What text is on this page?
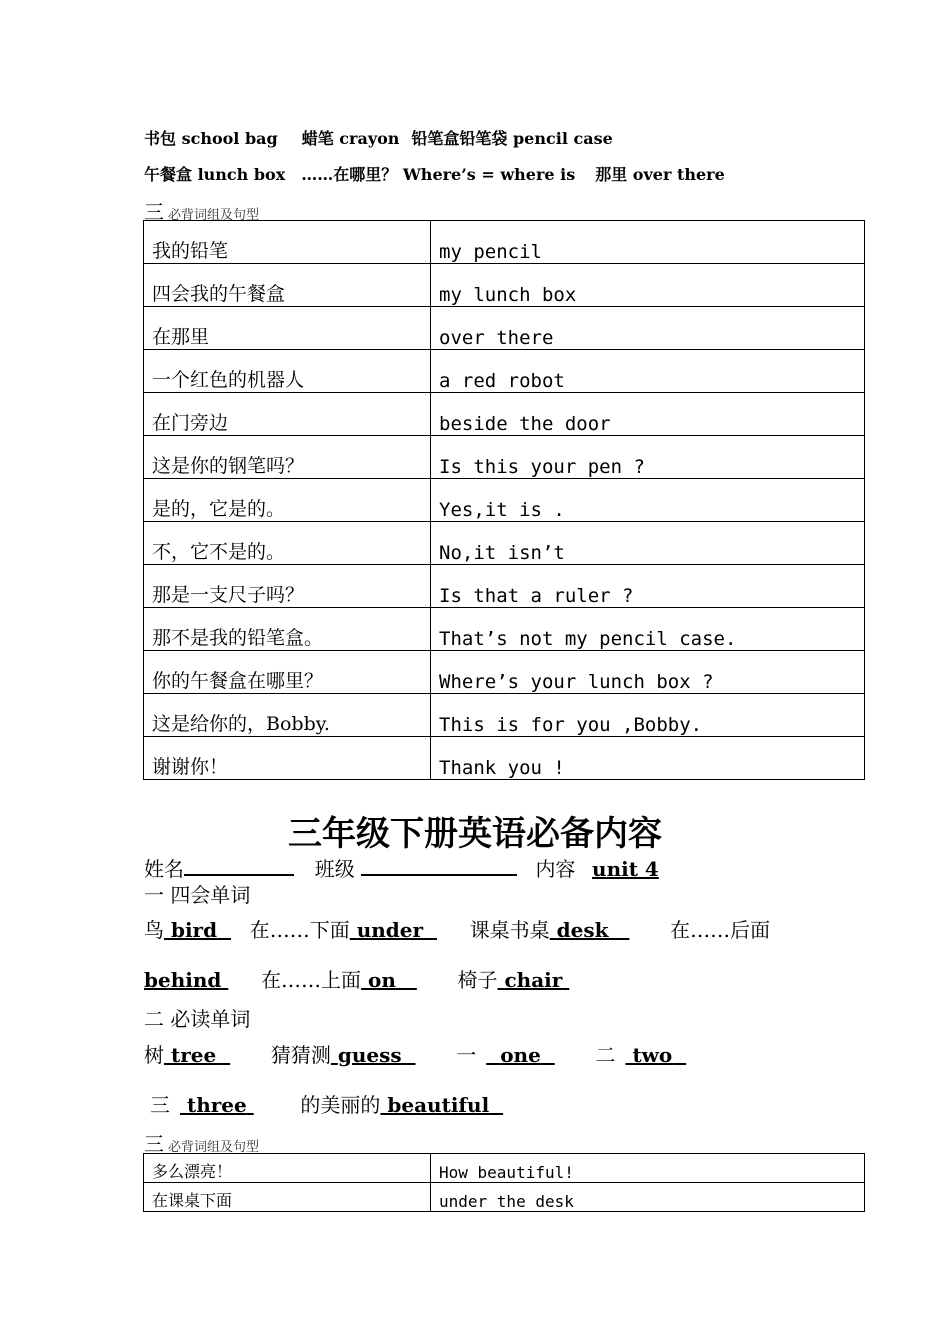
书包 school bag 蜡笔 crayon 铅笔盒铅笔袋 pencil case
午餐盒 lunch box ……在哪里？ Where’s = where is 那里 over there
三必背词组及句型
我的铅笔	my pencil
四会我的午餐盒	my lunch box
在那里	over there
一个红色的机器人	a red robot
在门旁边	beside the door
这是你的钢笔吗？	Is this your pen ?
是的，它是的。	Yes,it is .
不，它不是的。	No,it isn’t
那是一支尺子吗？	Is that a ruler ?
那不是我的铅笔盒。	That’s not my pencil case.
你的午餐盒在哪里？	Where’s your lunch box ?
这是给你的，Bobby.	This is for you ,Bobby.
谢谢你！	Thank you !
三年级下册英语必备内容
姓名	班级	内容 unit 4
一 四会单词
鸟 bird 在……下面 under 课桌书桌 desk	在……后面
behind 在……上面 on	椅子 chair
二 必读单词
树 tree	猜猜测 guess	一 one	二 two
三 three	的美丽的 beautiful
三必背词组及句型
多么漂亮！	How beautiful!
在课桌下面	under the desk
